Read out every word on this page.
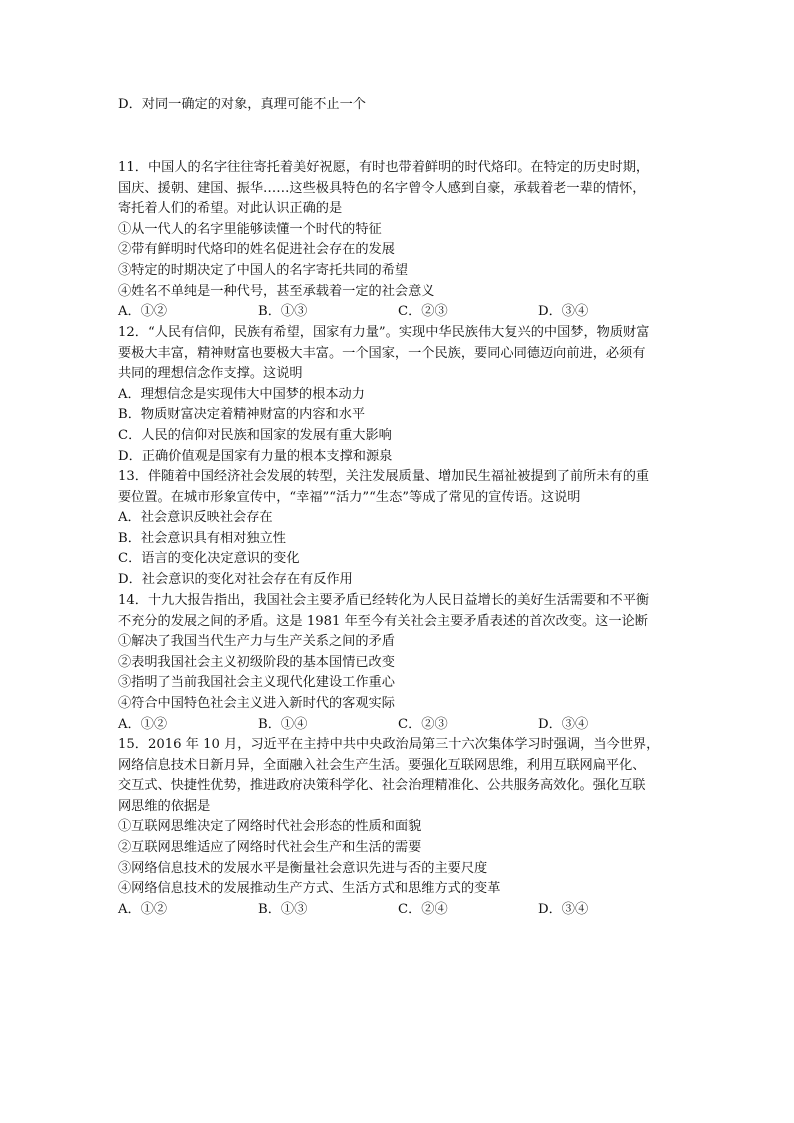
D．对同一确定的对象，真理可能不止一个
11．中国人的名字往往寄托着美好祝愿，有时也带着鲜明的时代烙印。在特定的历史时期，
国庆、援朝、建国、振华……这些极具特色的名字曾令人感到自豪，承载着老一辈的情怀，
寄托着人们的希望。对此认识正确的是
①从一代人的名字里能够读懂一个时代的特征
②带有鲜明时代烙印的姓名促进社会存在的发展
③特定的时期决定了中国人的名字寄托共同的希望
④姓名不单纯是一种代号，甚至承载着一定的社会意义
A．①②	B．①③	C．②③	D．③④
12．“人民有信仰，民族有希望，国家有力量”。实现中华民族伟大复兴的中国梦，物质财富
要极大丰富，精神财富也要极大丰富。一个国家，一个民族，要同心同德迈向前进，必须有
共同的理想信念作支撑。这说明
A．理想信念是实现伟大中国梦的根本动力
B．物质财富决定着精神财富的内容和水平
C．人民的信仰对民族和国家的发展有重大影响
D．正确价值观是国家有力量的根本支撑和源泉
13．伴随着中国经济社会发展的转型，关注发展质量、增加民生福祉被提到了前所未有的重
要位置。在城市形象宣传中，“幸福”“活力”“生态”等成了常见的宣传语。这说明
A．社会意识反映社会存在
B．社会意识具有相对独立性
C．语言的变化决定意识的变化
D．社会意识的变化对社会存在有反作用
14．十九大报告指出，我国社会主要矛盾已经转化为人民日益增长的美好生活需要和不平衡
不充分的发展之间的矛盾。这是 1981 年至今有关社会主要矛盾表述的首次改变。这一论断
①解决了我国当代生产力与生产关系之间的矛盾
②表明我国社会主义初级阶段的基本国情已改变
③指明了当前我国社会主义现代化建设工作重心
④符合中国特色社会主义进入新时代的客观实际
A．①②	B．①④	C．②③	D．③④
15．2016 年 10 月，习近平在主持中共中央政治局第三十六次集体学习时强调，当今世界，
网络信息技术日新月异，全面融入社会生产生活。要强化互联网思维，利用互联网扁平化、
交互式、快捷性优势，推进政府决策科学化、社会治理精准化、公共服务高效化。强化互联
网思维的依据是
①互联网思维决定了网络时代社会形态的性质和面貌
②互联网思维适应了网络时代社会生产和生活的需要
③网络信息技术的发展水平是衡量社会意识先进与否的主要尺度
④网络信息技术的发展推动生产方式、生活方式和思维方式的变革
A．①②	B．①③	C．②④	D．③④
